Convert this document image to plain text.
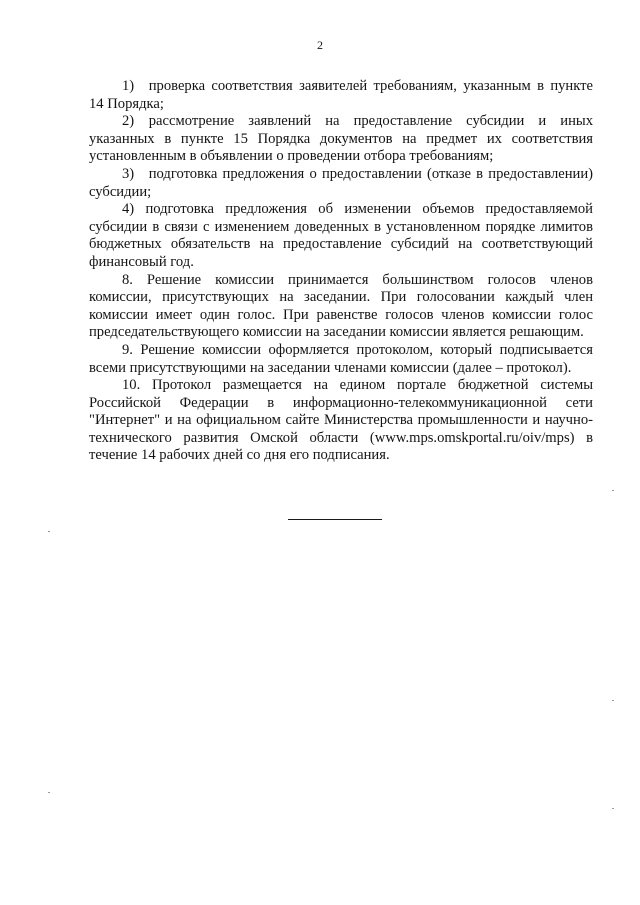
2

1) проверка соответствия заявителей требованиям, указанным в пункте 14 Порядка;

2) рассмотрение заявлений на предоставление субсидии и иных указанных в пункте 15 Порядка документов на предмет их соответствия установленным в объявлении о проведении отбора требованиям;

3) подготовка предложения о предоставлении (отказе в предоставлении) субсидии;

4) подготовка предложения об изменении объемов предоставляемой субсидии в связи с изменением доведенных в установленном порядке лимитов бюджетных обязательств на предоставление субсидий на соответствующий финансовый год.

8. Решение комиссии принимается большинством голосов членов комиссии, присутствующих на заседании. При голосовании каждый член комиссии имеет один голос. При равенстве голосов членов комиссии голос председательствующего комиссии на заседании комиссии является решающим.

9. Решение комиссии оформляется протоколом, который подписывается всеми присутствующими на заседании членами комиссии (далее – протокол).

10. Протокол размещается на едином портале бюджетной системы Российской Федерации в информационно-телекоммуникационной сети "Интернет" и на официальном сайте Министерства промышленности и научно-технического развития Омской области (www.mps.omskportal.ru/oiv/mps) в течение 14 рабочих дней со дня его подписания.
